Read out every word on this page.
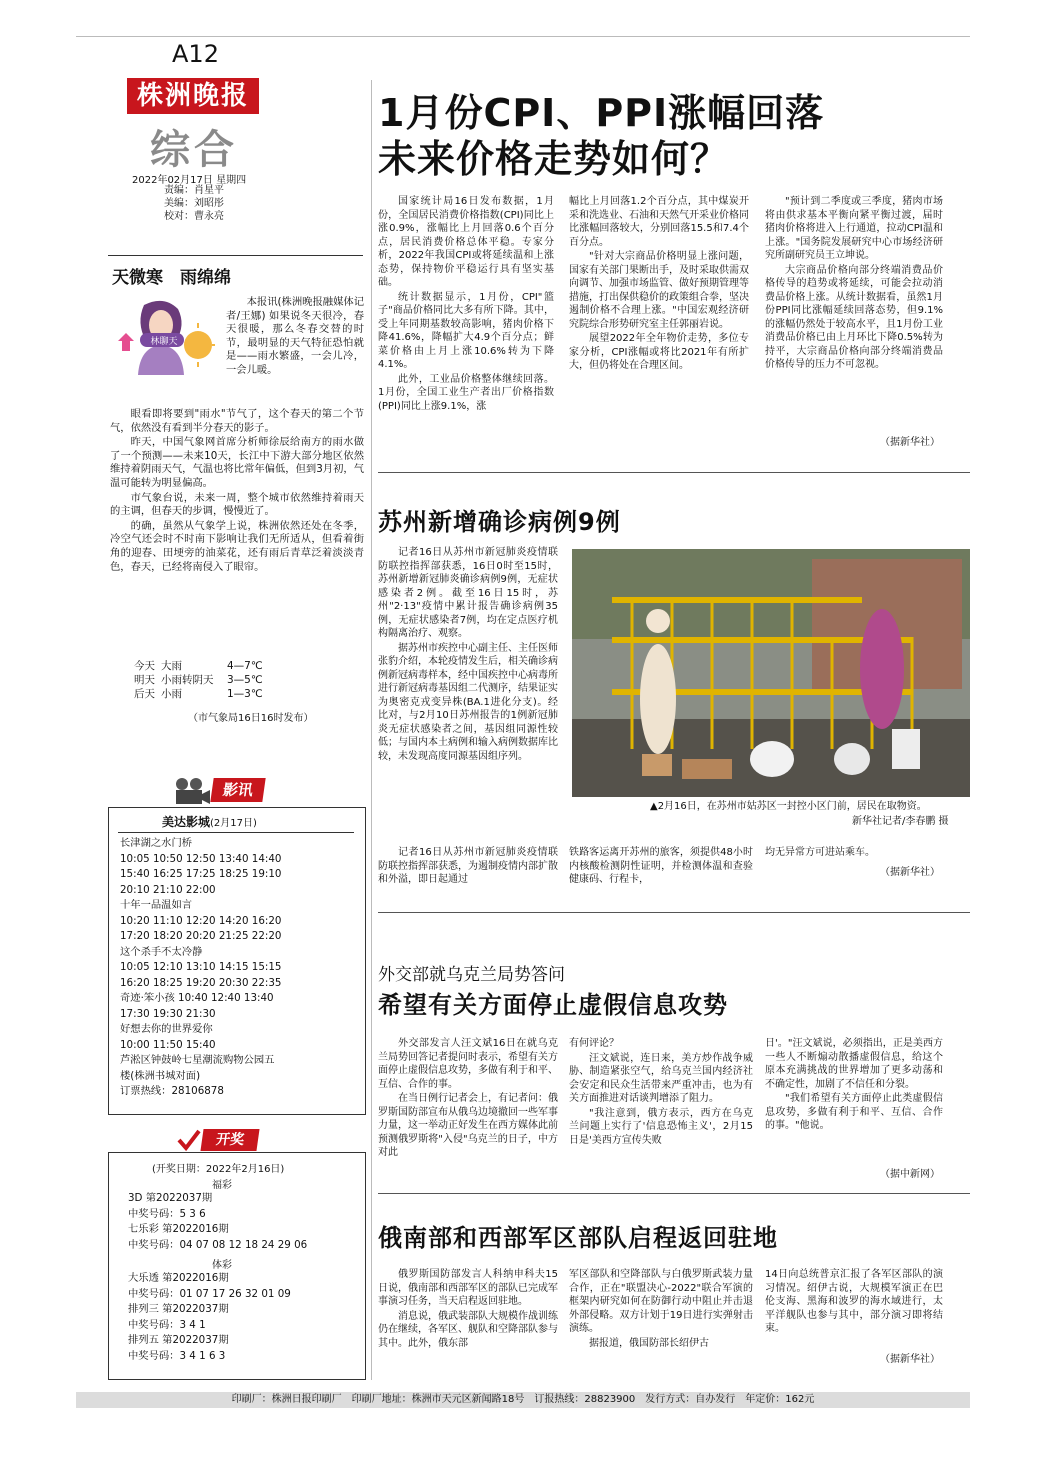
A12
株洲晚报
综合
2022年02月17日 星期四
责编：肖星平
美编：刘昭彤
校对：曹永亮
天微寒　雨绵绵
林聊天

本报讯(株洲晚报融媒体记者/王娜) 如果说冬天很冷，春天很暖，那么冬春交替的时节，最明显的天气特征恐怕就是——雨水繁盛，一会儿冷，一会儿暖。

眼看即将要到"雨水"节气了，这个春天的第二个节气，依然没有看到半分春天的影子。

昨天，中国气象网首席分析师徐辰给南方的雨水做了一个预测——未来10天，长江中下游大部分地区依然维持着阴雨天气，气温也将比常年偏低，但到3月初，气温可能转为明显偏高。

市气象台说，未来一周，整个城市依然维持着雨天的主调，但春天的步调，慢慢近了。

的确，虽然从气象学上说，株洲依然还处在冬季，冷空气还会时不时南下影响让我们无所适从，但看着街角的迎春、田埂旁的油菜花，还有雨后青草泛着淡淡青色，春天，已经将南侵入了眼帘。

今天 大雨	4—7℃
明天 小雨转阴天	3—5℃
后天 小雨	1—3℃
（市气象局16日16时发布）
影讯
美达影城(2月17日)
长津湖之水门桥
10:05 10:50 12:50 13:40 14:40
15:40 16:25 17:25 18:25 19:10
20:10 21:10 22:00
十年一品温如言
10:20 11:10 12:20 14:20 16:20
17:20 18:20 20:20 21:25 22:20
这个杀手不太冷静
10:05 12:10 13:10 14:15 15:15
16:20 18:25 19:20 20:30 22:35
奇迹·笨小孩 10:40 12:40 13:40
17:30 19:30 21:30
好想去你的世界爱你
10:00 11:50 15:40
芦淞区钟鼓岭七星潮流购物公园五
楼(株洲书城对面)
订票热线：28106878
开奖
(开奖日期：2022年2月16日)
福彩
3D 第2022037期
中奖号码：5 3 6
七乐彩 第2022016期
中奖号码：04 07 08 12 18 24 29 06
体彩
大乐透 第2022016期
中奖号码：01 07 17 26 32 01 09
排列三 第2022037期
中奖号码：3 4 1
排列五 第2022037期
中奖号码：3 4 1 6 3
1月份CPI、PPI涨幅回落
未来价格走势如何？

国家统计局16日发布数据，1月份，全国居民消费价格指数(CPI)同比上涨0.9%，涨幅比上月回落0.6个百分点，居民消费价格总体平稳。专家分析，2022年我国CPI或将延续温和上涨态势，保持物价平稳运行具有坚实基础。

统计数据显示，1月份，CPI"篮子"商品价格同比大多有所下降。其中，受上年同期基数较高影响，猪肉价格下降41.6%，降幅扩大4.9个百分点；鲜菜价格由上月上涨10.6%转为下降4.1%。

此外，工业品价格整体继续回落。1月份，全国工业生产者出厂价格指数(PPI)同比上涨9.1%，涨

幅比上月回落1.2个百分点，其中煤炭开采和洗选业、石油和天然气开采业价格同比涨幅回落较大，分别回落15.5和7.4个百分点。

"针对大宗商品价格明显上涨问题，国家有关部门果断出手，及时采取供需双向调节、加强市场监管、做好预期管理等措施，打出保供稳价的政策组合拳，坚决遏制价格不合理上涨。"中国宏观经济研究院综合形势研究室主任郭丽岩说。

展望2022年全年物价走势，多位专家分析，CPI涨幅或将比2021年有所扩大，但仍将处在合理区间。

"预计到二季度或三季度，猪肉市场将由供求基本平衡向紧平衡过渡，届时猪肉价格将进入上行通道，拉动CPI温和上涨。"国务院发展研究中心市场经济研究所副研究员王立坤说。

大宗商品价格向部分终端消费品价格传导的趋势或将延续，可能会拉动消费品价格上涨。从统计数据看，虽然1月份PPI同比涨幅延续回落态势，但9.1%的涨幅仍然处于较高水平，且1月份工业消费品价格已由上月环比下降0.5%转为持平，大宗商品价格向部分终端消费品价格传导的压力不可忽视。

（据新华社）
苏州新增确诊病例9例

记者16日从苏州市新冠肺炎疫情联防联控指挥部获悉，16日0时至15时，苏州新增新冠肺炎确诊病例9例，无症状感染者2例。截至16日15时，苏州"2·13"疫情中累计报告确诊病例35例，无症状感染者7例，均在定点医疗机构隔离治疗、观察。

据苏州市疾控中心副主任、主任医师张豹介绍，本轮疫情发生后，相关确诊病例新冠病毒样本，经中国疾控中心病毒所进行新冠病毒基因组二代测序，结果证实为奥密克戎变异株(BA.1进化分支)。经比对，与2月10日苏州报告的1例新冠肺炎无症状感染者之间，基因组同源性较低；与国内本土病例和输入病例数据库比较，未发现高度同源基因组序列。

记者16日从苏州市新冠肺炎疫情联防联控指挥部获悉，为遏制疫情内部扩散和外溢，即日起通过

▲2月16日，在苏州市姑苏区一封控小区门前，居民在取物资。
新华社记者/李春鹏 摄

铁路客运离开苏州的旅客，须提供48小时内核酸检测阴性证明，并检测体温和查验健康码、行程卡，

均无异常方可进站乘车。

（据新华社）
外交部就乌克兰局势答问
希望有关方面停止虚假信息攻势

外交部发言人汪文斌16日在就乌克兰局势回答记者提问时表示，希望有关方面停止虚假信息攻势，多做有利于和平、互信、合作的事。

在当日例行记者会上，有记者问：俄罗斯国防部宣布从俄乌边境撤回一些军事力量，这一举动正好发生在西方媒体此前预测俄罗斯将"入侵"乌克兰的日子，中方对此

有何评论？

汪文斌说，连日来，美方炒作战争威胁、制造紧张空气，给乌克兰国内经济社会安定和民众生活带来严重冲击，也为有关方面推进对话谈判增添了阻力。

"我注意到，俄方表示，西方在乌克兰问题上实行了'信息恐怖主义'，2月15日是'美西方宣传失败

日'。"汪文斌说，必须指出，正是美西方一些人不断煽动散播虚假信息，给这个原本充满挑战的世界增加了更多动荡和不确定性，加剧了不信任和分裂。

"我们希望有关方面停止此类虚假信息攻势，多做有利于和平、互信、合作的事。"他说。

（据中新网）
俄南部和西部军区部队启程返回驻地

俄罗斯国防部发言人科纳申科夫15日说，俄南部和西部军区的部队已完成军事演习任务，当天启程返回驻地。

消息说，俄武装部队大规模作战训练仍在继续，各军区、舰队和空降部队参与其中。此外，俄东部

军区部队和空降部队与白俄罗斯武装力量合作，正在"联盟决心-2022"联合军演的框架内研究如何在防御行动中阻止并击退外部侵略。双方计划于19日进行实弹射击演练。

据报道，俄国防部长绍伊古

14日向总统普京汇报了各军区部队的演习情况。绍伊古说，大规模军演正在巴伦支海、黑海和波罗的海水域进行，太平洋舰队也参与其中，部分演习即将结束。

（据新华社）
印刷厂：株洲日报印刷厂　印刷厂地址：株洲市天元区新闻路18号　订报热线：28823900　发行方式：自办发行　年定价：162元
